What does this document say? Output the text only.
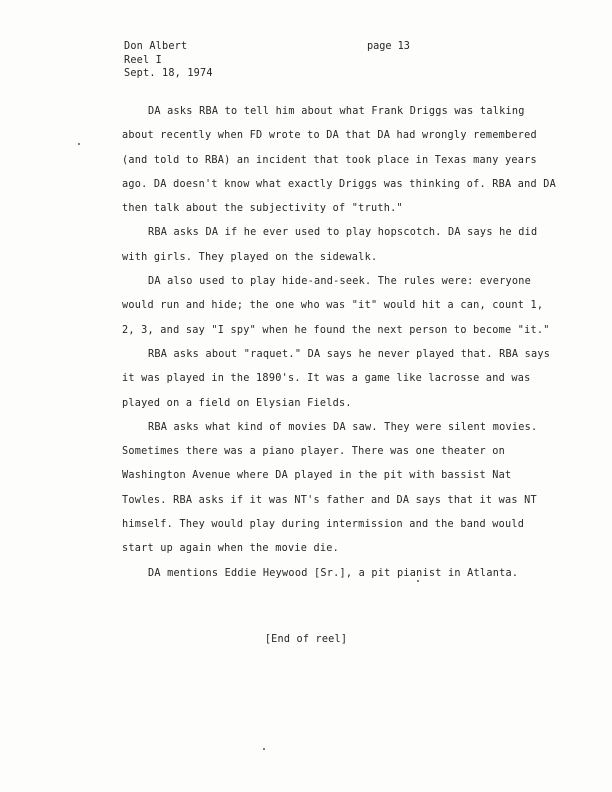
Don Albert
Reel I
Sept. 18, 1974
page 13

DA asks RBA to tell him about what Frank Driggs was talking about recently when FD wrote to DA that DA had wrongly remembered (and told to RBA) an incident that took place in Texas many years ago. DA doesn't know what exactly Driggs was thinking of. RBA and DA then talk about the subjectivity of "truth."

RBA asks DA if he ever used to play hopscotch. DA says he did with girls. They played on the sidewalk.

DA also used to play hide-and-seek. The rules were: everyone would run and hide; the one who was "it" would hit a can, count 1, 2, 3, and say "I spy" when he found the next person to become "it."

RBA asks about "raquet." DA says he never played that. RBA says it was played in the 1890's. It was a game like lacrosse and was played on a field on Elysian Fields.

RBA asks what kind of movies DA saw. They were silent movies. Sometimes there was a piano player. There was one theater on Washington Avenue where DA played in the pit with bassist Nat Towles. RBA asks if it was NT's father and DA says that it was NT himself. They would play during intermission and the band would start up again when the movie die.

DA mentions Eddie Heywood [Sr.], a pit pianist in Atlanta.

[End of reel]
